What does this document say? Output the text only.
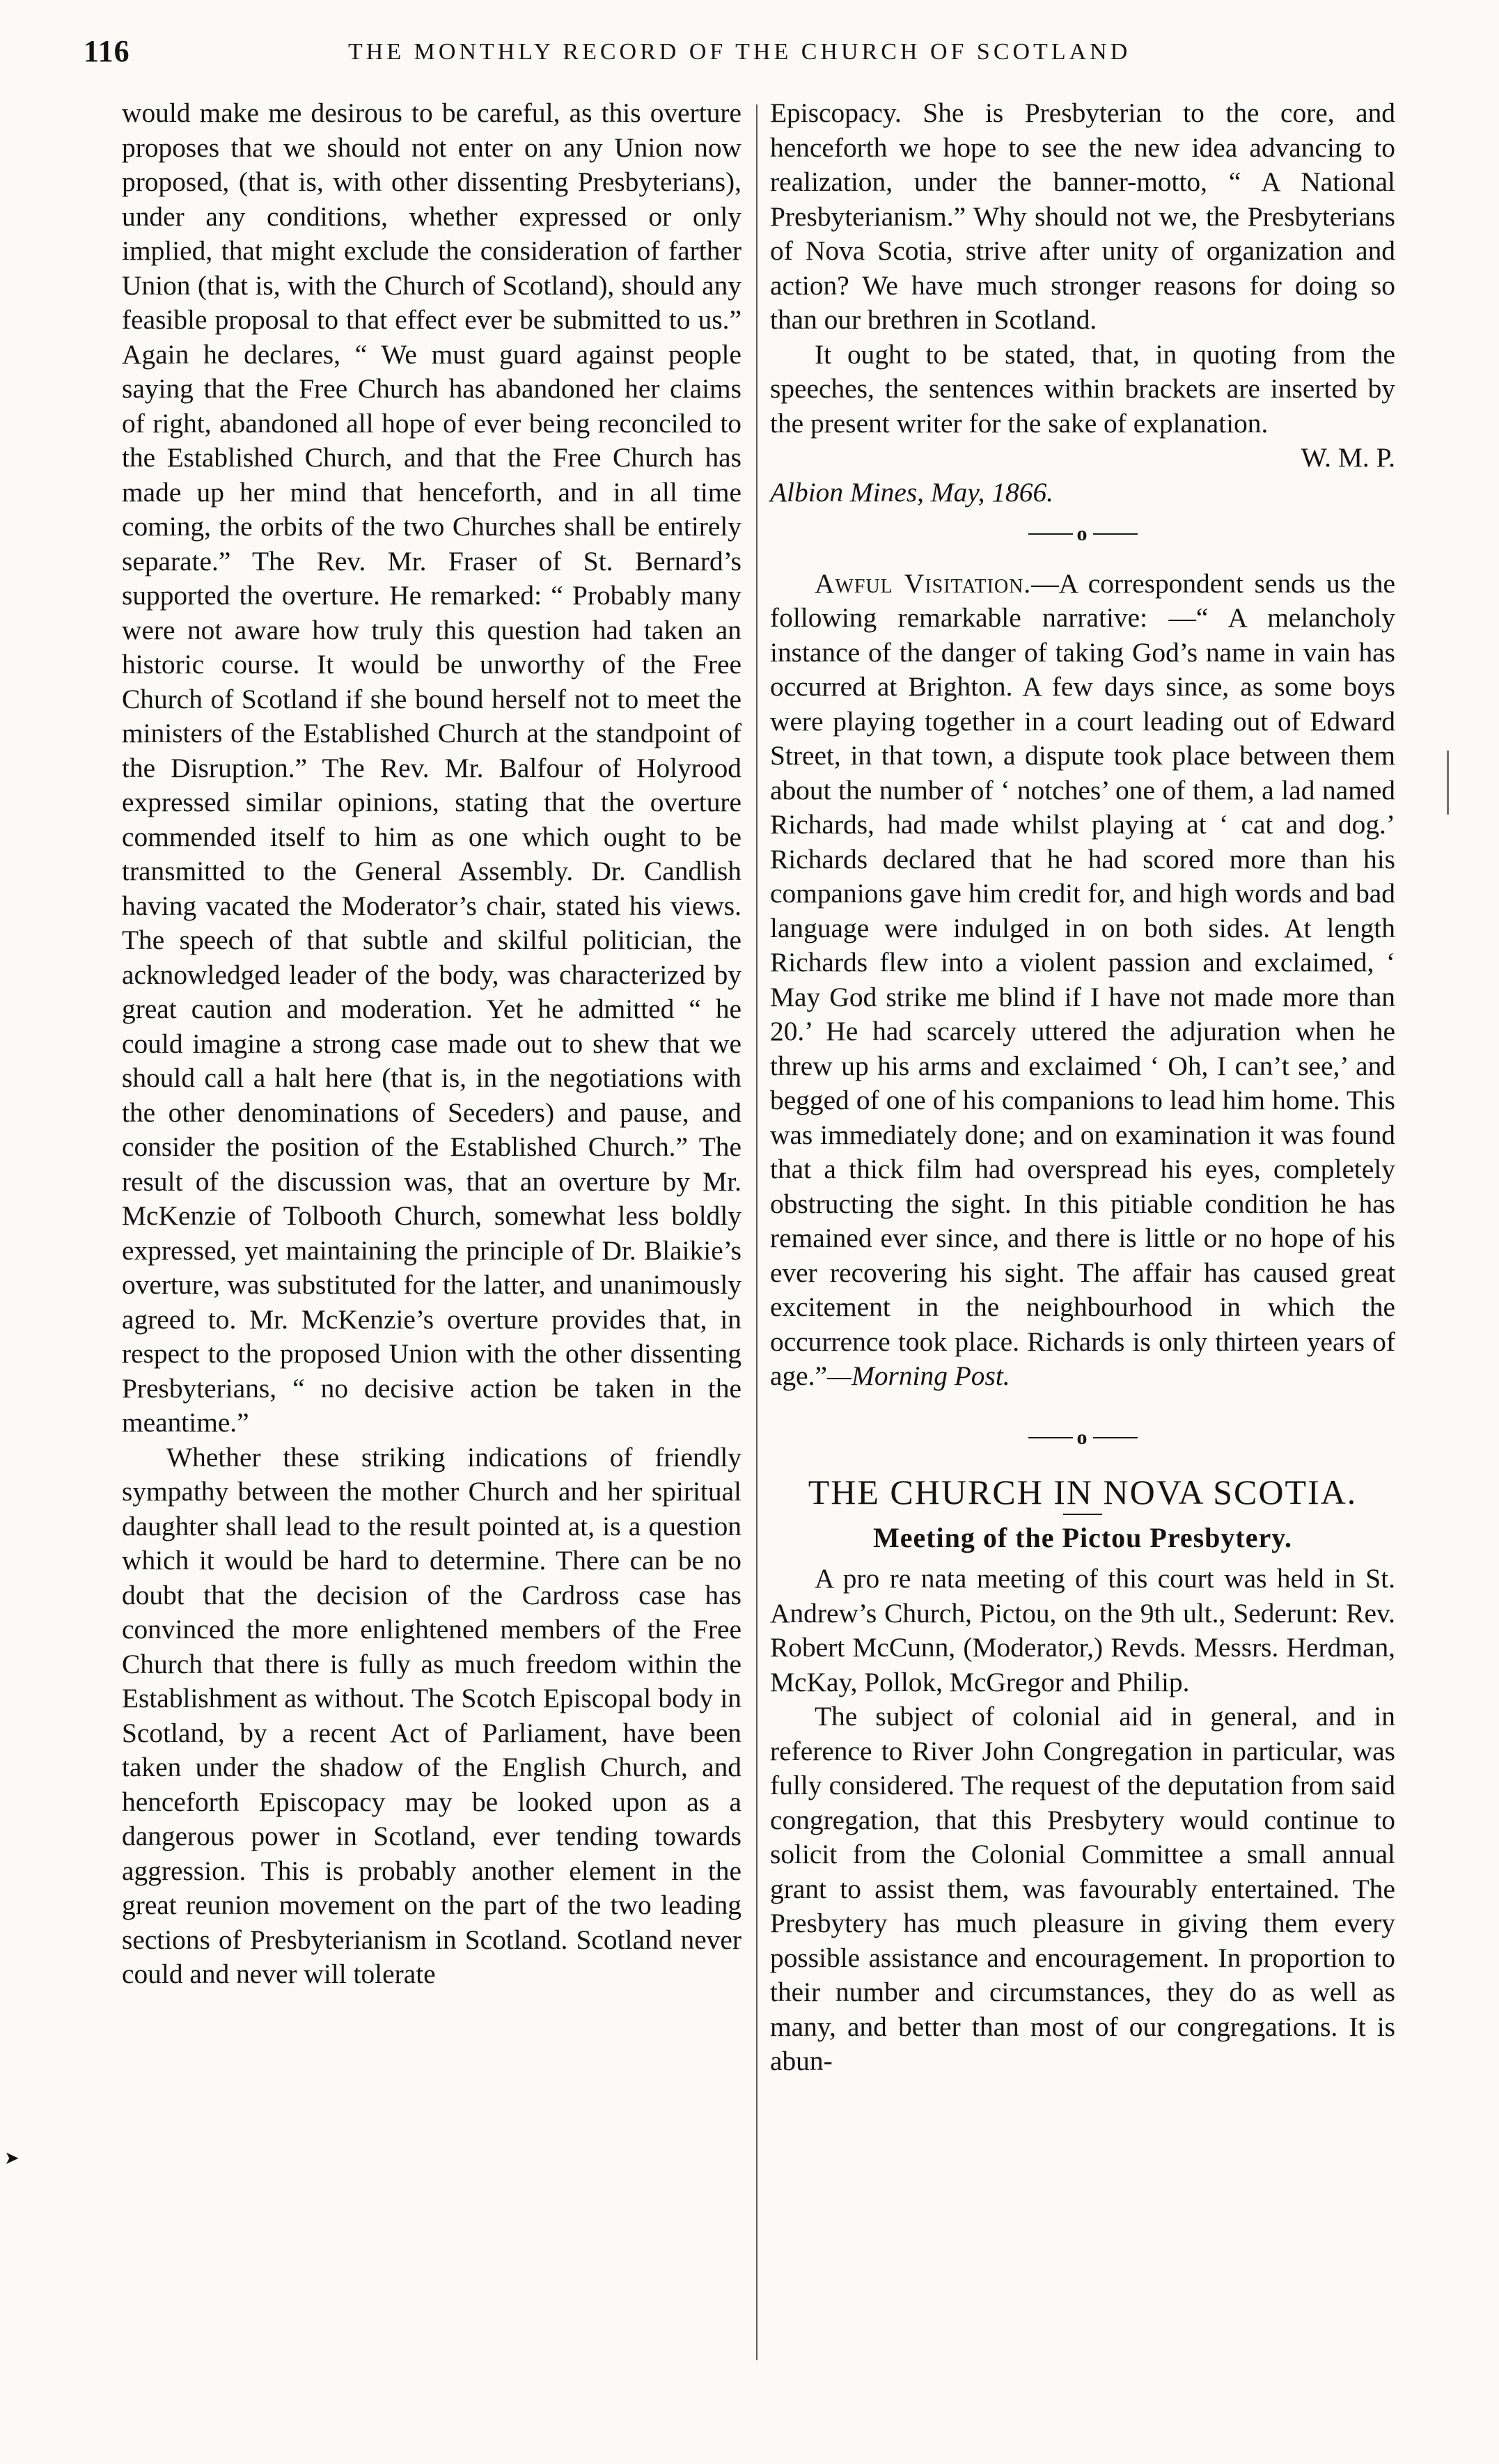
116	THE MONTHLY RECORD OF THE CHURCH OF SCOTLAND

would make me desirous to be careful, as this overture proposes that we should not enter on any Union now proposed, (that is, with other dissenting Presbyterians), under any conditions, whether expressed or only implied, that might exclude the consideration of farther Union (that is, with the Church of Scotland), should any feasible proposal to that effect ever be submitted to us.” Again he declares, “ We must guard against people saying that the Free Church has abandoned her claims of right, abandoned all hope of ever being reconciled to the Established Church, and that the Free Church has made up her mind that henceforth, and in all time coming, the orbits of the two Churches shall be entirely separate.” The Rev. Mr. Fraser of St. Bernard’s supported the overture. He remarked: “ Probably many were not aware how truly this question had taken an historic course. It would be unworthy of the Free Church of Scotland if she bound herself not to meet the ministers of the Established Church at the standpoint of the Disruption.” The Rev. Mr. Balfour of Holyrood expressed similar opinions, stating that the overture commended itself to him as one which ought to be transmitted to the General Assembly. Dr. Candlish having vacated the Moderator’s chair, stated his views. The speech of that subtle and skilful politician, the acknowledged leader of the body, was characterized by great caution and moderation. Yet he admitted “ he could imagine a strong case made out to shew that we should call a halt here (that is, in the negotiations with the other denominations of Seceders) and pause, and consider the position of the Established Church.” The result of the discussion was, that an overture by Mr. McKenzie of Tolbooth Church, somewhat less boldly expressed, yet maintaining the principle of Dr. Blaikie’s overture, was substituted for the latter, and unanimously agreed to. Mr. McKenzie’s overture provides that, in respect to the proposed Union with the other dissenting Presbyterians, “ no decisive action be taken in the meantime.”

Whether these striking indications of friendly sympathy between the mother Church and her spiritual daughter shall lead to the result pointed at, is a question which it would be hard to determine. There can be no doubt that the decision of the Cardross case has convinced the more enlightened members of the Free Church that there is fully as much freedom within the Establishment as without. The Scotch Episcopal body in Scotland, by a recent Act of Parliament, have been taken under the shadow of the English Church, and henceforth Episcopacy may be looked upon as a dangerous power in Scotland, ever tending towards aggression. This is probably another element in the great reunion movement on the part of the two leading sections of Presbyterianism in Scotland. Scotland never could and never will tolerate

Episcopacy. She is Presbyterian to the core, and henceforth we hope to see the new idea advancing to realization, under the banner-motto, “ A National Presbyterianism.” Why should not we, the Presbyterians of Nova Scotia, strive after unity of organization and action? We have much stronger reasons for doing so than our brethren in Scotland.

It ought to be stated, that, in quoting from the speeches, the sentences within brackets are inserted by the present writer for the sake of explanation.

W. M. P.

Albion Mines, May, 1866.

o

Awful Visitation.—A correspondent sends us the following remarkable narrative: —“ A melancholy instance of the danger of taking God’s name in vain has occurred at Brighton. A few days since, as some boys were playing together in a court leading out of Edward Street, in that town, a dispute took place between them about the number of ‘ notches’ one of them, a lad named Richards, had made whilst playing at ‘ cat and dog.’ Richards declared that he had scored more than his companions gave him credit for, and high words and bad language were indulged in on both sides. At length Richards flew into a violent passion and exclaimed, ‘ May God strike me blind if I have not made more than 20.’ He had scarcely uttered the adjuration when he threw up his arms and exclaimed ‘ Oh, I can’t see,’ and begged of one of his companions to lead him home. This was immediately done; and on examination it was found that a thick film had overspread his eyes, completely obstructing the sight. In this pitiable condition he has remained ever since, and there is little or no hope of his ever recovering his sight. The affair has caused great excitement in the neighbourhood in which the occurrence took place. Richards is only thirteen years of age.”—Morning Post.

o
THE CHURCH IN NOVA SCOTIA.
Meeting of the Pictou Presbytery.

A pro re nata meeting of this court was held in St. Andrew’s Church, Pictou, on the 9th ult., Sederunt: Rev. Robert McCunn, (Moderator,) Revds. Messrs. Herdman, McKay, Pollok, McGregor and Philip.

The subject of colonial aid in general, and in reference to River John Congregation in particular, was fully considered. The request of the deputation from said congregation, that this Presbytery would continue to solicit from the Colonial Committee a small annual grant to assist them, was favourably entertained. The Presbytery has much pleasure in giving them every possible assistance and encouragement. In proportion to their number and circumstances, they do as well as many, and better than most of our congregations. It is abun-

➤
